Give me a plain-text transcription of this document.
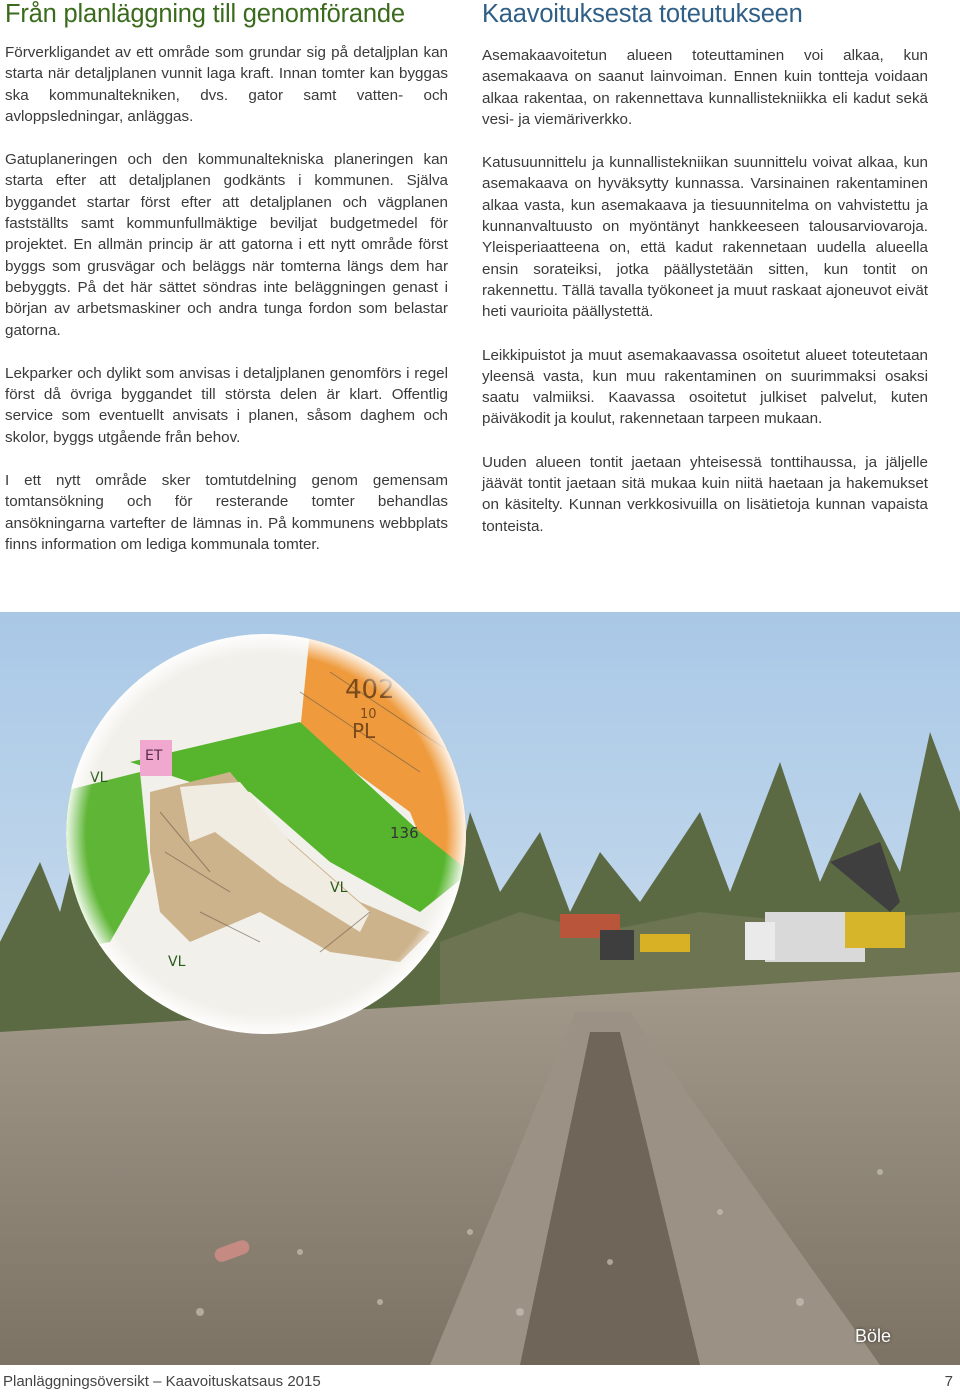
Från planläggning till genomförande

Förverkligandet av ett område som grundar sig på detaljplan kan starta när detaljplanen vunnit laga kraft. Innan tomter kan byggas ska kommunaltekniken, dvs. gator samt vatten- och avloppsledningar, anläggas.

Gatuplaneringen och den kommunaltekniska planeringen kan starta efter att detaljplanen godkänts i kommunen. Själva byggandet startar först efter att detaljplanen och vägplanen fastställts samt kommunfullmäktige beviljat budgetmedel för projektet. En allmän princip är att gatorna i ett nytt område först byggs som grusvägar och beläggs när tomterna längs dem har bebyggts. På det här sättet söndras inte beläggningen genast i början av arbetsmaskiner och andra tunga fordon som belastar gatorna.

Lekparker och dylikt som anvisas i detaljplanen genomförs i regel först då övriga byggandet till största delen är klart. Offentlig service som eventuellt anvisats i planen, såsom daghem och skolor, byggs utgående från behov.

I ett nytt område sker tomtutdelning genom gemensam tomtansökning och för resterande tomter behandlas ansökningarna vartefter de lämnas in. På kommunens webbplats finns information om lediga kommunala tomter.

Kaavoituksesta toteutukseen

Asemakaavoitetun alueen toteuttaminen voi alkaa, kun asemakaava on saanut lainvoiman. Ennen kuin tontteja voidaan alkaa rakentaa, on rakennettava kunnallistekniikka eli kadut sekä vesi- ja viemäriverkko.

Katusuunnittelu ja kunnallistekniikan suunnittelu voivat alkaa, kun asemakaava on hyväksytty kunnassa. Varsinainen rakentaminen alkaa vasta, kun asemakaava ja tiesuunnitelma on vahvistettu ja kunnanvaltuusto on myöntänyt hankkeeseen talousarviovaroja. Yleisperiaatteena on, että kadut rakennetaan uudella alueella ensin sorateiksi, jotka päällystetään sitten, kun tontit on rakennettu. Tällä tavalla työkoneet ja muut raskaat ajoneuvot eivät heti vaurioita päällystettä.

Leikkipuistot ja muut asemakaavassa osoitetut alueet toteutetaan yleensä vasta, kun muu rakentaminen on suurimmaksi osaksi saatu valmiiksi. Kaavassa osoitetut julkiset palvelut, kuten päiväkodit ja koulut, rakennetaan tarpeen mukaan.

Uuden alueen tontit jaetaan yhteisessä tonttihaussa, ja jäljelle jäävät tontit jaetaan sitä mukaa kuin niitä haetaan ja hakemukset on käsitelty. Kunnan verkkosivuilla on lisätietoja kunnan vapaista tonteista.

Böle
Planläggningsöversikt – Kaavoituskatsaus 2015	7
